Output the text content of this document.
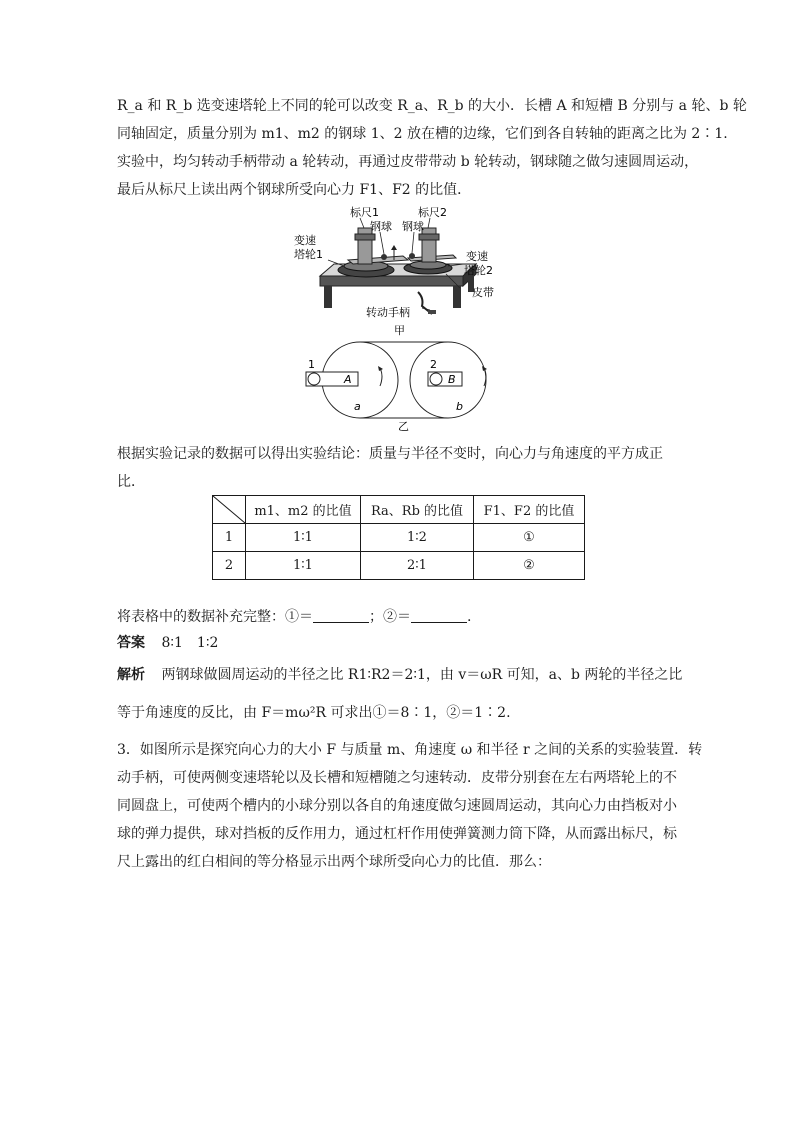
R_a 和 R_b 选变速塔轮上不同的轮可以改变 R_a、R_b 的大小．长槽 A 和短槽 B 分别与 a 轮、b 轮
同轴固定，质量分别为 m1、m2 的钢球 1、2 放在槽的边缘，它们到各自转轴的距离之比为 2∶1.
实验中，均匀转动手柄带动 a 轮转动，再通过皮带带动 b 轮转动，钢球随之做匀速圆周运动，
最后从标尺上读出两个钢球所受向心力 F1、F2 的比值．
标尺1	标尺2
钢球 钢球
变速
塔轮1	变速
塔轮2
皮带
转动手柄
甲
1	2
A	B
a	b
乙
根据实验记录的数据可以得出实验结论：质量与半径不变时，向心力与角速度的平方成正
比．
	m1、m2 的比值	Ra、Rb 的比值	F1、F2 的比值
1	1∶1	1∶2	①
2	1∶1	2∶1	②
将表格中的数据补充完整：①＝	；②＝	.
答案 8∶1　1∶2
解析 两钢球做圆周运动的半径之比 R1∶R2＝2∶1，由 v＝ωR 可知，a、b 两轮的半径之比
等于角速度的反比，由 F＝mω²R 可求出①＝8∶1，②＝1∶2.
3．如图所示是探究向心力的大小 F 与质量 m、角速度 ω 和半径 r 之间的关系的实验装置．转
动手柄，可使两侧变速塔轮以及长槽和短槽随之匀速转动．皮带分别套在左右两塔轮上的不
同圆盘上，可使两个槽内的小球分别以各自的角速度做匀速圆周运动，其向心力由挡板对小
球的弹力提供，球对挡板的反作用力，通过杠杆作用使弹簧测力筒下降，从而露出标尺，标
尺上露出的红白相间的等分格显示出两个球所受向心力的比值．那么：
